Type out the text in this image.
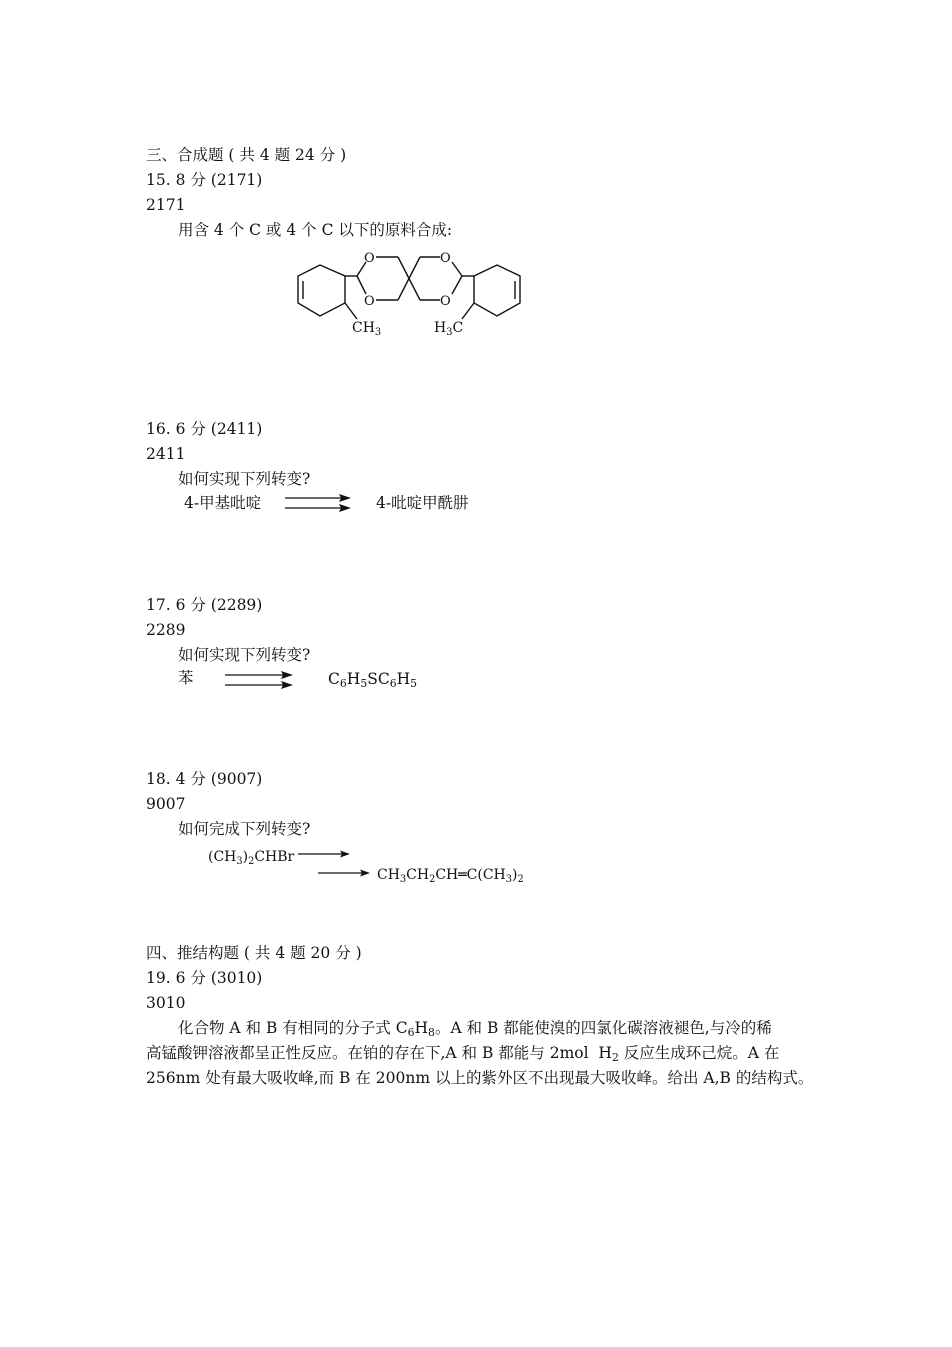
三、合成题 ( 共 4 题 24 分 )
15. 8 分 (2171)
2171
用含 4 个 C 或 4 个 C 以下的原料合成:
O
O
O
O
$CH_3$	$H_3C$
16. 6 分 (2411)
2411
如何实现下列转变?
4-甲基吡啶	4-吡啶甲酰肼
17. 6 分 (2289)
2289
如何实现下列转变?
苯	$C_6H_5SC_6H_5$
18. 4 分 (9007)
9007
如何完成下列转变?
$(CH_3)_2CHBr$ →
→ $CH_3CH_2CH═C(CH_3)_2$
四、推结构题 ( 共 4 题 20 分 )
19. 6 分 (3010)
3010
化合物 A 和 B 有相同的分子式 $C_6H_8$。A 和 B 都能使溴的四氯化碳溶液褪色,与冷的稀
高锰酸钾溶液都呈正性反应。在铂的存在下,A 和 B 都能与 2mol  $H_2$ 反应生成环己烷。A 在
256nm 处有最大吸收峰,而 B 在 200nm 以上的紫外区不出现最大吸收峰。给出 A,B 的结构式。
